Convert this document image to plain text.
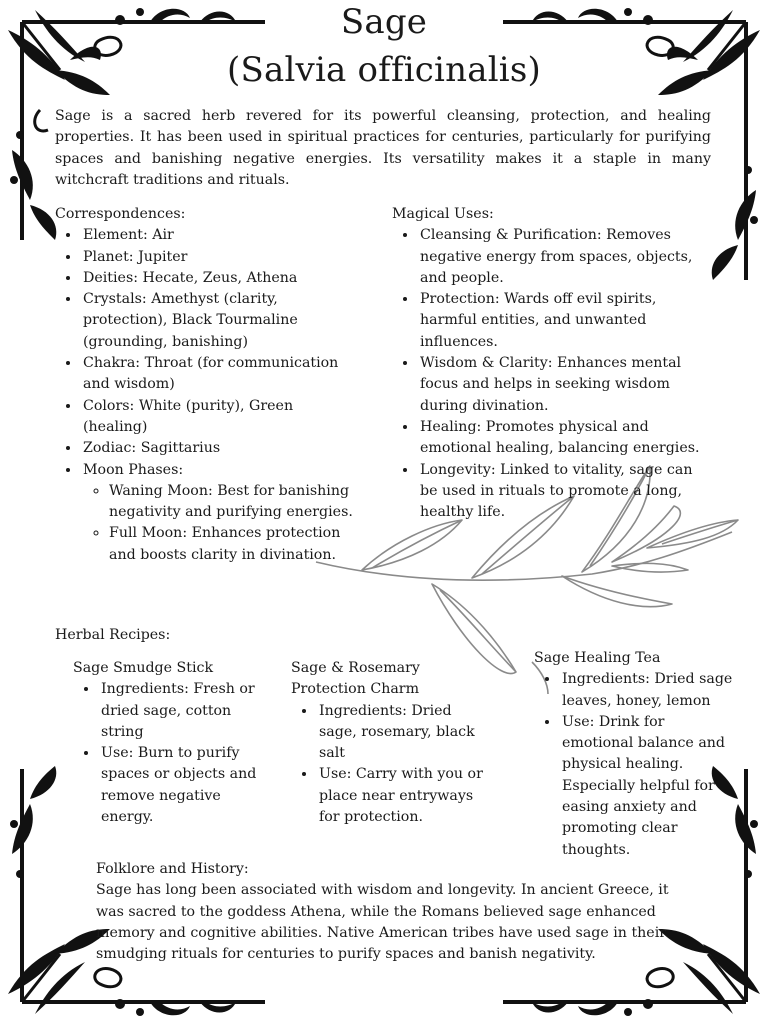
Sage
(Salvia officinalis)

Sage is a sacred herb revered for its powerful cleansing, protection, and healing properties. It has been used in spiritual practices for centuries, particularly for purifying spaces and banishing negative energies. Its versatility makes it a staple in many witchcraft traditions and rituals.

Correspondences:
• Element: Air
• Planet: Jupiter
• Deities: Hecate, Zeus, Athena
• Crystals: Amethyst (clarity, protection), Black Tourmaline (grounding, banishing)
• Chakra: Throat (for communication and wisdom)
• Colors: White (purity), Green (healing)
• Zodiac: Sagittarius
• Moon Phases:
◦ Waning Moon: Best for banishing negativity and purifying energies.
◦ Full Moon: Enhances protection and boosts clarity in divination.
Magical Uses:
• Cleansing & Purification: Removes negative energy from spaces, objects, and people.
• Protection: Wards off evil spirits, harmful entities, and unwanted influences.
• Wisdom & Clarity: Enhances mental focus and helps in seeking wisdom during divination.
• Healing: Promotes physical and emotional healing, balancing energies.
• Longevity: Linked to vitality, sage can be used in rituals to promote a long, healthy life.
Herbal Recipes:
Sage Smudge Stick
• Ingredients: Fresh or dried sage, cotton string
• Use: Burn to purify spaces or objects and remove negative energy.
Sage & Rosemary Protection Charm
• Ingredients: Dried sage, rosemary, black salt
• Use: Carry with you or place near entryways for protection.
Sage Healing Tea
• Ingredients: Dried sage leaves, honey, lemon
• Use: Drink for emotional balance and physical healing. Especially helpful for easing anxiety and promoting clear thoughts.
Folklore and History:

Sage has long been associated with wisdom and longevity. In ancient Greece, it was sacred to the goddess Athena, while the Romans believed sage enhanced memory and cognitive abilities. Native American tribes have used sage in their smudging rituals for centuries to purify spaces and banish negativity.
